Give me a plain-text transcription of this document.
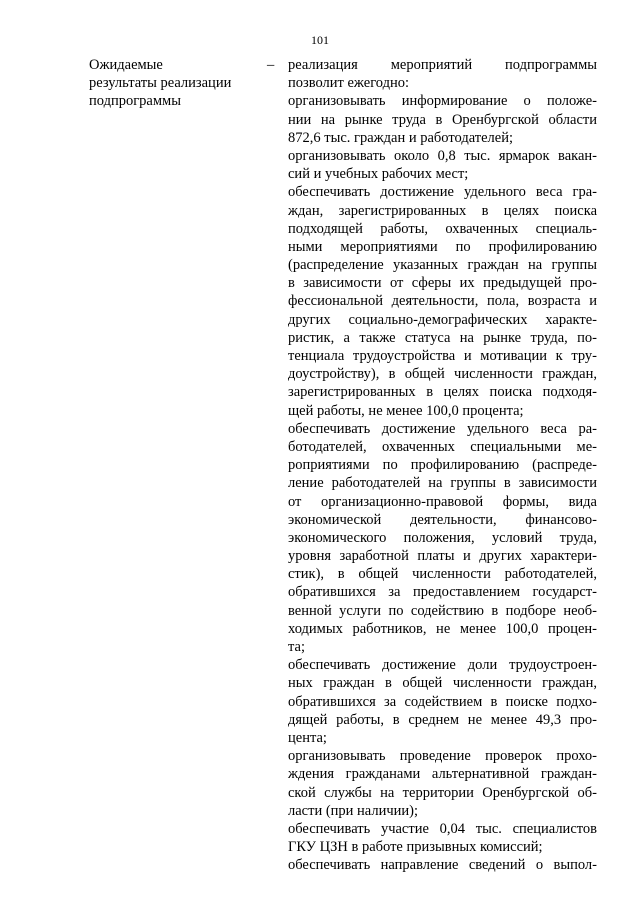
101
Ожидаемые
результаты реализации
подпрограммы
– реализация мероприятий подпрограммы
позволит ежегодно:
организовывать информирование о положе-
нии на рынке труда в Оренбургской области
872,6 тыс. граждан и работодателей;
организовывать около 0,8 тыс. ярмарок вакан-
сий и учебных рабочих мест;
обеспечивать достижение удельного веса гра-
ждан, зарегистрированных в целях поиска
подходящей работы, охваченных специаль-
ными мероприятиями по профилированию
(распределение указанных граждан на группы
в зависимости от сферы их предыдущей про-
фессиональной деятельности, пола, возраста и
других социально-демографических характе-
ристик, а также статуса на рынке труда, по-
тенциала трудоустройства и мотивации к тру-
доустройству), в общей численности граждан,
зарегистрированных в целях поиска подходя-
щей работы, не менее 100,0 процента;
обеспечивать достижение удельного веса ра-
ботодателей, охваченных специальными ме-
роприятиями по профилированию (распреде-
ление работодателей на группы в зависимости
от организационно-правовой формы, вида
экономической деятельности, финансово-
экономического положения, условий труда,
уровня заработной платы и других характери-
стик), в общей численности работодателей,
обратившихся за предоставлением государст-
венной услуги по содействию в подборе необ-
ходимых работников, не менее 100,0 процен-
та;
обеспечивать достижение доли трудоустроен-
ных граждан в общей численности граждан,
обратившихся за содействием в поиске подхо-
дящей работы, в среднем не менее 49,3 про-
цента;
организовывать проведение проверок прохо-
ждения гражданами альтернативной граждан-
ской службы на территории Оренбургской об-
ласти (при наличии);
обеспечивать участие 0,04 тыс. специалистов
ГКУ ЦЗН в работе призывных комиссий;
обеспечивать направление сведений о выпол-
